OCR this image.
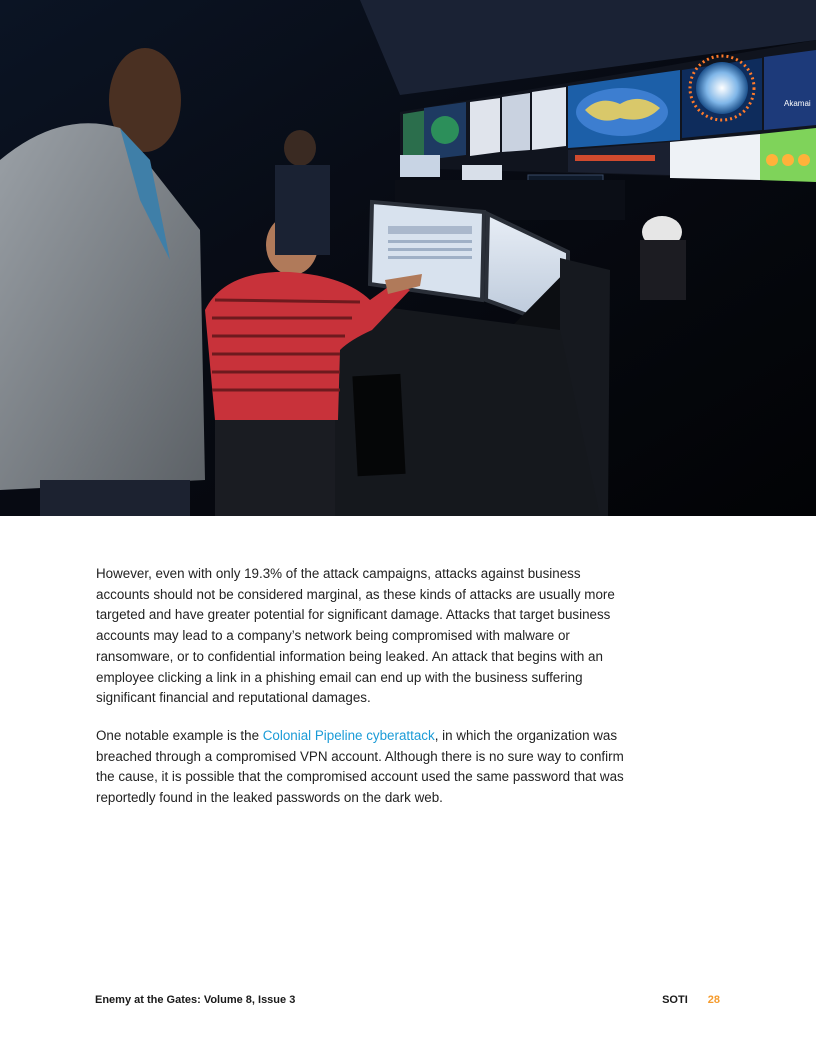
Akamai

However, even with only 19.3% of the attack campaigns, attacks against business accounts should not be considered marginal, as these kinds of attacks are usually more targeted and have greater potential for significant damage. Attacks that target business accounts may lead to a company’s network being compromised with malware or ransomware, or to confidential information being leaked. An attack that begins with an employee clicking a link in a phishing email can end up with the business suffering significant financial and reputational damages.

One notable example is the Colonial Pipeline cyberattack, in which the organization was breached through a compromised VPN account. Although there is no sure way to confirm the cause, it is possible that the compromised account used the same password that was reportedly found in the leaked passwords on the dark web.

Enemy at the Gates: Volume 8, Issue 3	SOTI 28
